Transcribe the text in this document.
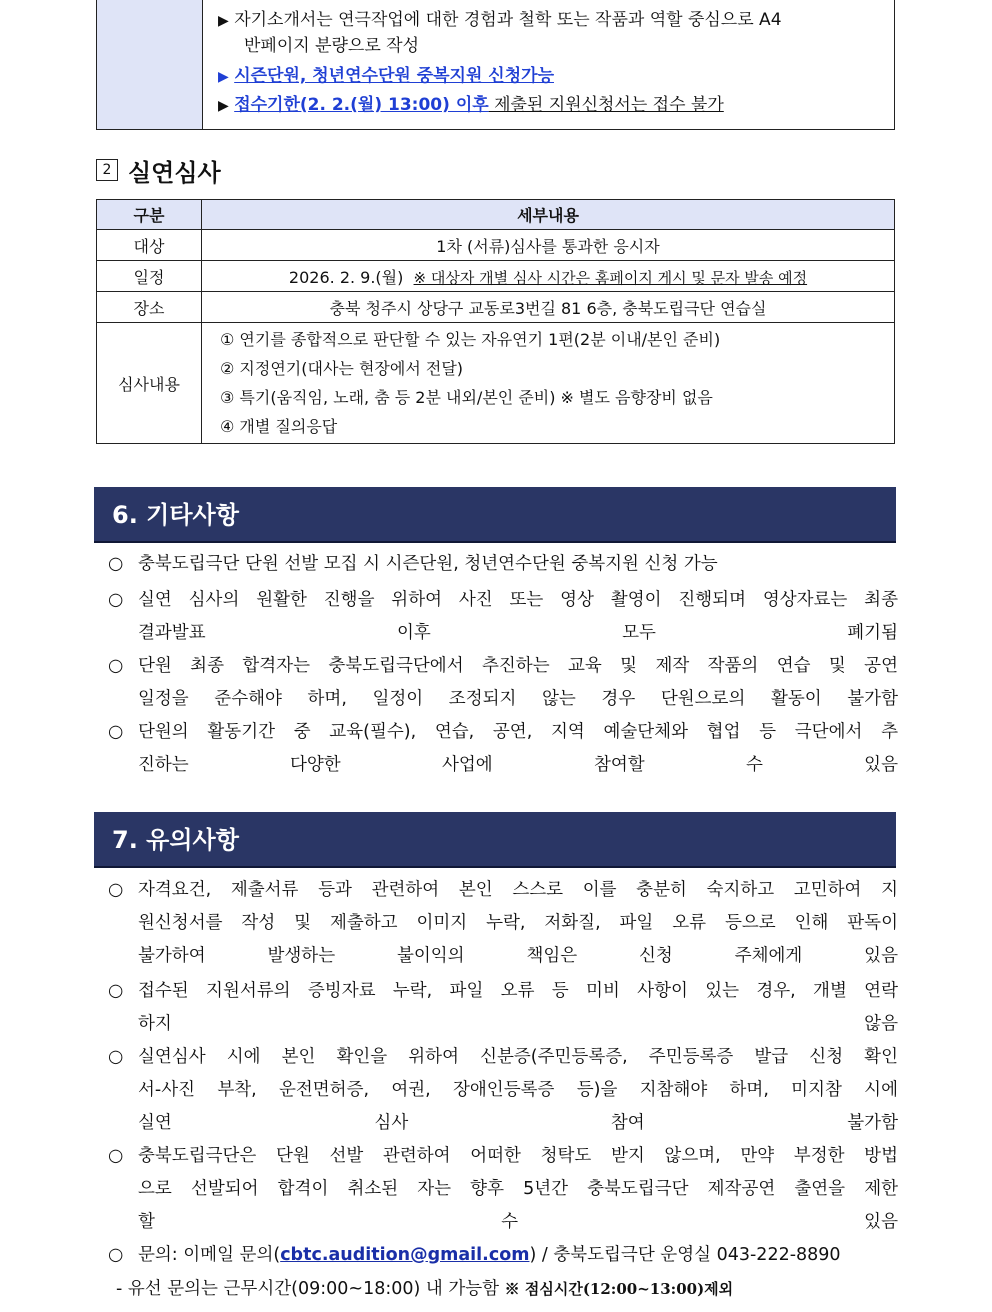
▶ 자기소개서는 연극작업에 대한 경험과 철학 또는 작품과 역할 중심으로 A4
반페이지 분량으로 작성
▶ 시즌단원, 청년연수단원 중복지원 신청가능
▶ 접수기한(2. 2.(월) 13:00) 이후 제출된 지원신청서는 접수 불가
2 실연심사
구분	세부내용
대상	1차 (서류)심사를 통과한 응시자
일정	2026. 2. 9.(월) ※ 대상자 개별 심사 시간은 홈페이지 게시 및 문자 발송 예정
장소	충북 청주시 상당구 교동로3번길 81 6층, 충북도립극단 연습실
심사내용	① 연기를 종합적으로 판단할 수 있는 자유연기 1편(2분 이내/본인 준비)
② 지정연기(대사는 현장에서 전달)
③ 특기(움직임, 노래, 춤 등 2분 내외/본인 준비) ※ 별도 음향장비 없음
④ 개별 질의응답
6. 기타사항
○ 충북도립극단 단원 선발 모집 시 시즌단원, 청년연수단원 중복지원 신청 가능
○ 실연 심사의 원활한 진행을 위하여 사진 또는 영상 촬영이 진행되며 영상자료는 최종
결과발표 이후 모두 폐기됨
○ 단원 최종 합격자는 충북도립극단에서 추진하는 교육 및 제작 작품의 연습 및 공연
일정을 준수해야 하며, 일정이 조정되지 않는 경우 단원으로의 활동이 불가함
○ 단원의 활동기간 중 교육(필수), 연습, 공연, 지역 예술단체와 협업 등 극단에서 추
진하는 다양한 사업에 참여할 수 있음
7. 유의사항
○ 자격요건, 제출서류 등과 관련하여 본인 스스로 이를 충분히 숙지하고 고민하여 지
원신청서를 작성 및 제출하고 이미지 누락, 저화질, 파일 오류 등으로 인해 판독이
불가하여 발생하는 불이익의 책임은 신청 주체에게 있음
○ 접수된 지원서류의 증빙자료 누락, 파일 오류 등 미비 사항이 있는 경우, 개별 연락
하지 않음
○ 실연심사 시에 본인 확인을 위하여 신분증(주민등록증, 주민등록증 발급 신청 확인
서-사진 부착, 운전면허증, 여권, 장애인등록증 등)을 지참해야 하며, 미지참 시에
실연 심사 참여 불가함
○ 충북도립극단은 단원 선발 관련하여 어떠한 청탁도 받지 않으며, 만약 부정한 방법
으로 선발되어 합격이 취소된 자는 향후 5년간 충북도립극단 제작공연 출연을 제한
할 수 있음
○ 문의: 이메일 문의(cbtc.audition@gmail.com) / 충북도립극단 운영실 043-222-8890
- 유선 문의는 근무시간(09:00~18:00) 내 가능함 ※ 점심시간(12:00~13:00)제외
